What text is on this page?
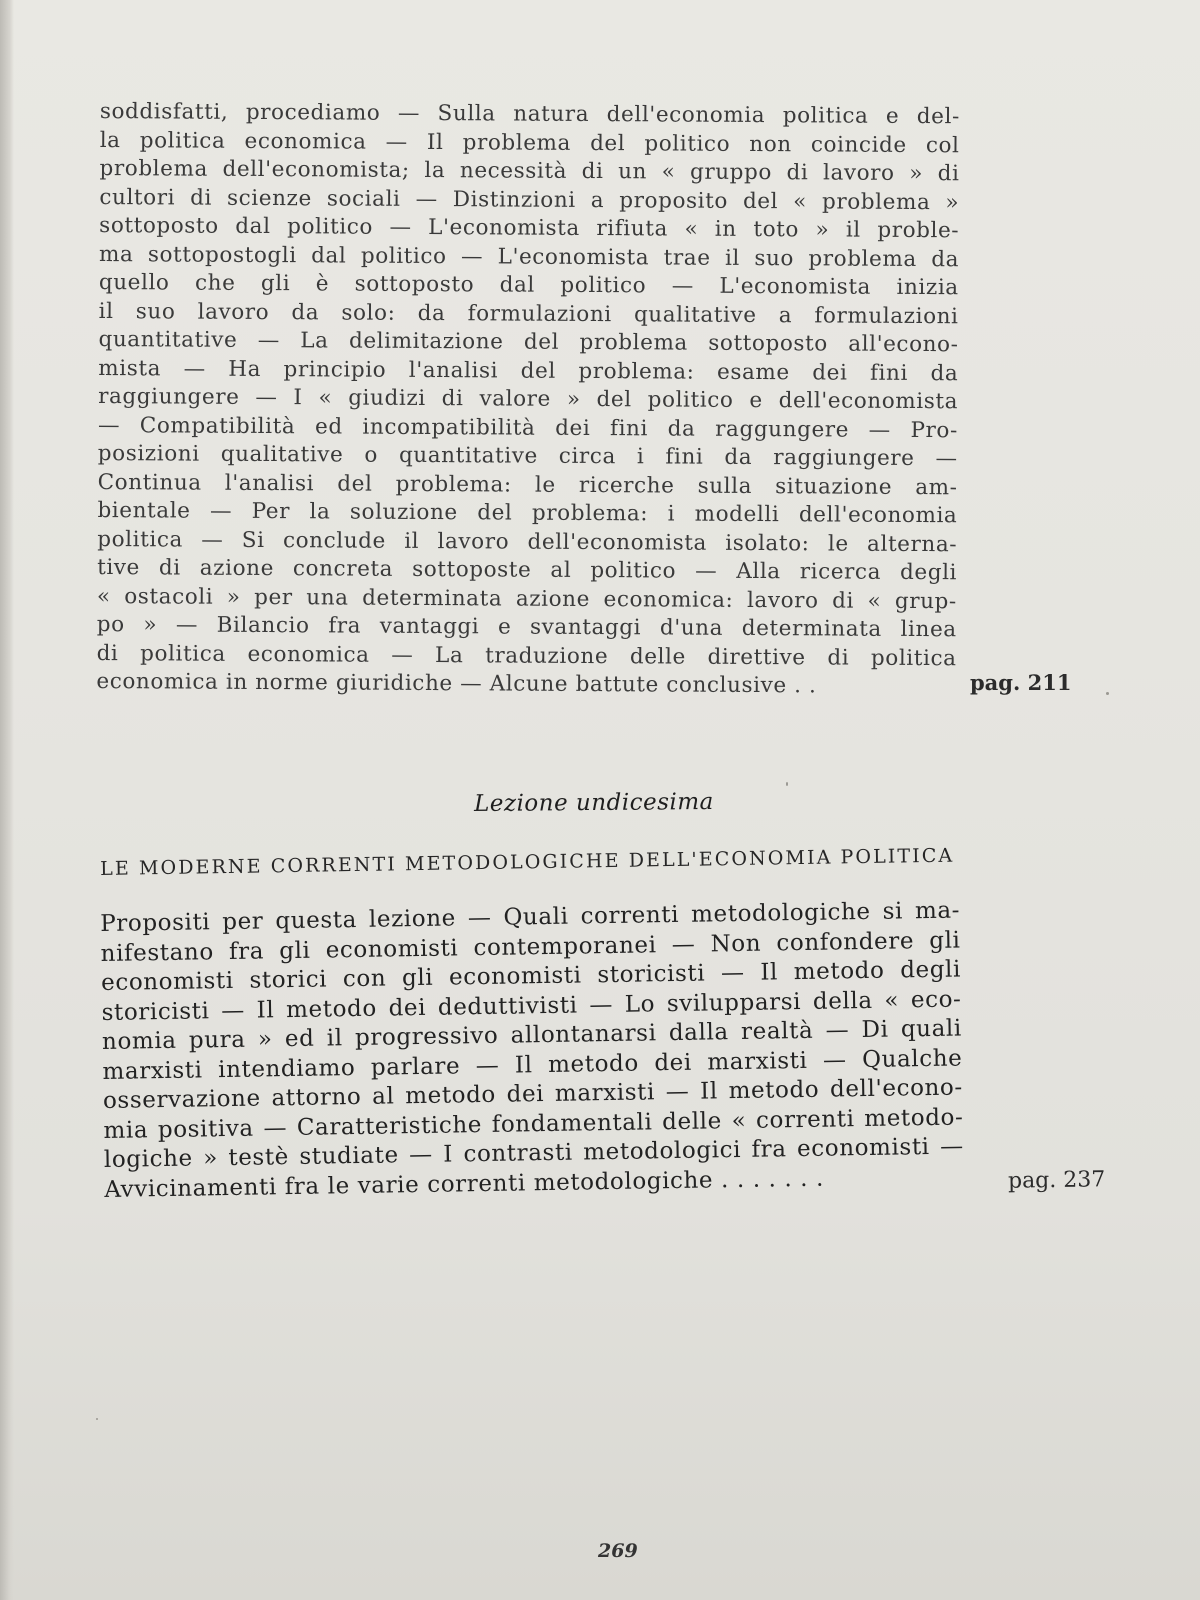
soddisfatti, procediamo — Sulla natura dell'economia politica e del-
la politica economica — Il problema del politico non coincide col
problema dell'economista; la necessità di un « gruppo di lavoro » di
cultori di scienze sociali — Distinzioni a proposito del « problema »
sottoposto dal politico — L'economista rifiuta « in toto » il proble-
ma sottopostogli dal politico — L'economista trae il suo problema da
quello che gli è sottoposto dal politico — L'economista inizia
il suo lavoro da solo: da formulazioni qualitative a formulazioni
quantitative — La delimitazione del problema sottoposto all'econo-
mista — Ha principio l'analisi del problema: esame dei fini da
raggiungere — I « giudizi di valore » del politico e dell'economista
— Compatibilità ed incompatibilità dei fini da raggungere — Pro-
posizioni qualitative o quantitative circa i fini da raggiungere —
Continua l'analisi del problema: le ricerche sulla situazione am-
bientale — Per la soluzione del problema: i modelli dell'economia
politica — Si conclude il lavoro dell'economista isolato: le alterna-
tive di azione concreta sottoposte al politico — Alla ricerca degli
« ostacoli » per una determinata azione economica: lavoro di « grup-
po » — Bilancio fra vantaggi e svantaggi d'una determinata linea
di politica economica — La traduzione delle direttive di politica
economica in norme giuridiche — Alcune battute conclusive . .	pag. 211
Lezione undicesima
LE MODERNE CORRENTI METODOLOGICHE DELL'ECONOMIA POLITICA
Propositi per questa lezione — Quali correnti metodologiche si ma-
nifestano fra gli economisti contemporanei — Non confondere gli
economisti storici con gli economisti storicisti — Il metodo degli
storicisti — Il metodo dei deduttivisti — Lo svilupparsi della « eco-
nomia pura » ed il progressivo allontanarsi dalla realtà — Di quali
marxisti intendiamo parlare — Il metodo dei marxisti — Qualche
osservazione attorno al metodo dei marxisti — Il metodo dell'econo-
mia positiva — Caratteristiche fondamentali delle « correnti metodo-
logiche » testè studiate — I contrasti metodologici fra economisti —
Avvicinamenti fra le varie correnti metodologiche . . . . . . .	pag. 237
269
